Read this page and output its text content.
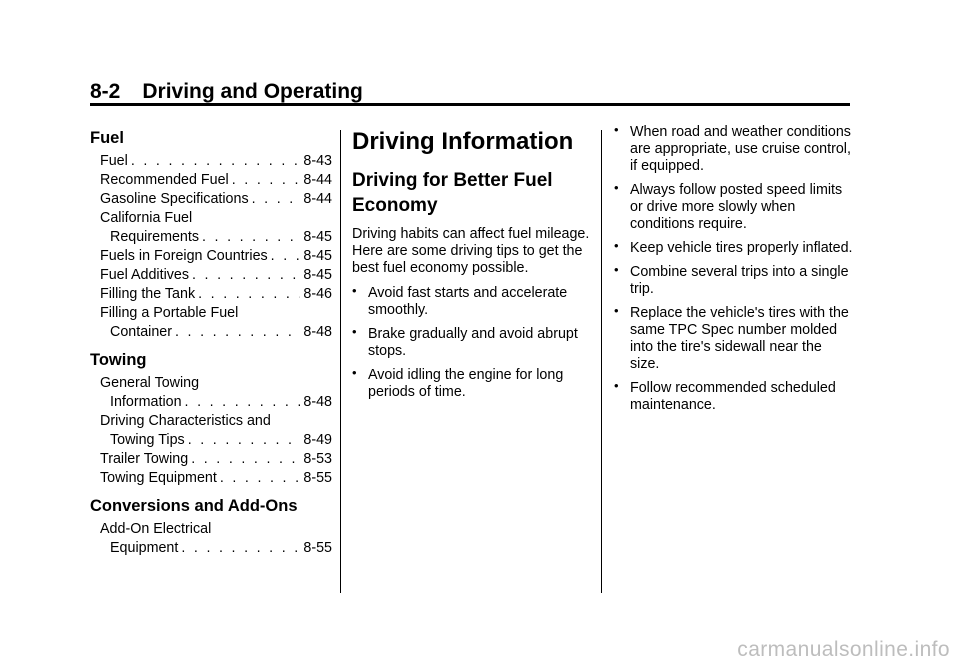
8-2 Driving and Operating
Fuel
Fuel . . .	8-43
Recommended Fuel . . .	8-44
Gasoline Specifications . . .	8-44
California Fuel
Requirements . . .	8-45
Fuels in Foreign Countries . . . 8-45
Fuel Additives . . .	8-45
Filling the Tank . . .	8-46
Filling a Portable Fuel
Container . . .	8-48
Towing
General Towing
Information . . .	8-48
Driving Characteristics and
Towing Tips . . .	8-49
Trailer Towing . . .	8-53
Towing Equipment . . .	8-55
Conversions and Add-Ons
Add-On Electrical
Equipment . . .	8-55
Driving Information
Driving for Better Fuel Economy
Driving habits can affect fuel mileage. Here are some driving tips to get the best fuel economy possible.
• Avoid fast starts and accelerate smoothly.
• Brake gradually and avoid abrupt stops.
• Avoid idling the engine for long periods of time.
• When road and weather conditions are appropriate, use cruise control, if equipped.
• Always follow posted speed limits or drive more slowly when conditions require.
• Keep vehicle tires properly inflated.
• Combine several trips into a single trip.
• Replace the vehicle's tires with the same TPC Spec number molded into the tire's sidewall near the size.
• Follow recommended scheduled maintenance.
carmanualsonline.info
